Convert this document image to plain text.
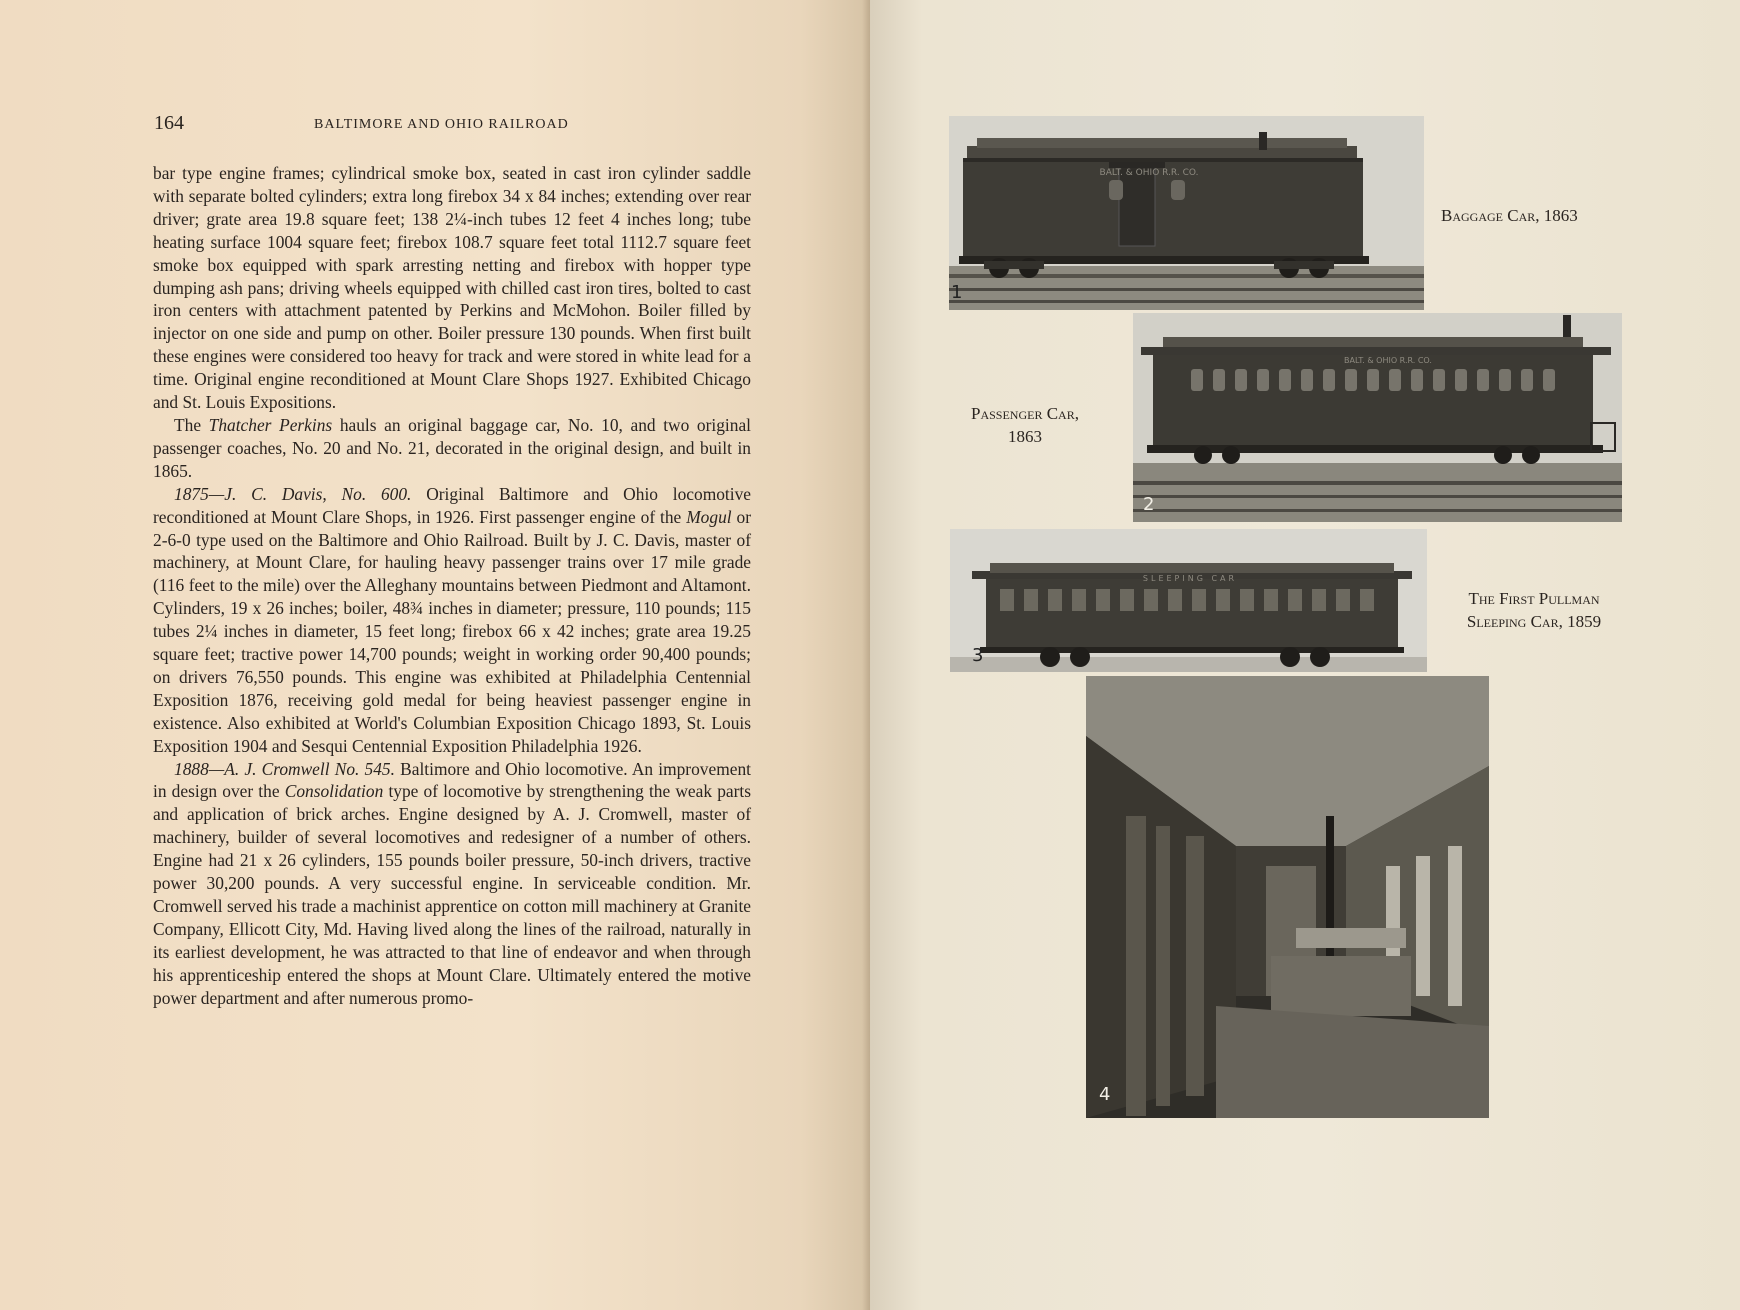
164	BALTIMORE AND OHIO RAILROAD

bar type engine frames; cylindrical smoke box, seated in cast iron cylinder saddle with separate bolted cylinders; extra long firebox 34 x 84 inches; extending over rear driver; grate area 19.8 square feet; 138 2¼-inch tubes 12 feet 4 inches long; tube heating surface 1004 square feet; firebox 108.7 square feet total 1112.7 square feet smoke box equipped with spark arresting netting and firebox with hopper type dumping ash pans; driving wheels equipped with chilled cast iron tires, bolted to cast iron centers with attachment patented by Perkins and McMohon. Boiler filled by injector on one side and pump on other. Boiler pressure 130 pounds. When first built these engines were considered too heavy for track and were stored in white lead for a time. Original engine reconditioned at Mount Clare Shops 1927. Exhibited Chicago and St. Louis Expositions.

The Thatcher Perkins hauls an original baggage car, No. 10, and two original passenger coaches, No. 20 and No. 21, decorated in the original design, and built in 1865.

1875—J. C. Davis, No. 600. Original Baltimore and Ohio locomotive reconditioned at Mount Clare Shops, in 1926. First passenger engine of the Mogul or 2-6-0 type used on the Baltimore and Ohio Railroad. Built by J. C. Davis, master of machinery, at Mount Clare, for hauling heavy passenger trains over 17 mile grade (116 feet to the mile) over the Alleghany mountains between Piedmont and Altamont. Cylinders, 19 x 26 inches; boiler, 48¾ inches in diameter; pressure, 110 pounds; 115 tubes 2¼ inches in diameter, 15 feet long; firebox 66 x 42 inches; grate area 19.25 square feet; tractive power 14,700 pounds; weight in working order 90,400 pounds; on drivers 76,550 pounds. This engine was exhibited at Philadelphia Centennial Exposition 1876, receiving gold medal for being heaviest passenger engine in existence. Also exhibited at World's Columbian Exposition Chicago 1893, St. Louis Exposition 1904 and Sesqui Centennial Exposition Philadelphia 1926.

1888—A. J. Cromwell No. 545. Baltimore and Ohio locomotive. An improvement in design over the Consolidation type of locomotive by strengthening the weak parts and application of brick arches. Engine designed by A. J. Cromwell, master of machinery, builder of several locomotives and redesigner of a number of others. Engine had 21 x 26 cylinders, 155 pounds boiler pressure, 50-inch drivers, tractive power 30,200 pounds. A very successful engine. In serviceable condition. Mr. Cromwell served his trade a machinist apprentice on cotton mill machinery at Granite Company, Ellicott City, Md. Having lived along the lines of the railroad, naturally in its earliest development, he was attracted to that line of endeavor and when through his apprenticeship entered the shops at Mount Clare. Ultimately entered the motive power department and after numerous promo-

BALT. & OHIO R.R. CO.
1
Baggage Car, 1863
BALT. & OHIO R.R. CO.
2
Passenger Car,
1863
SLEEPING CAR
3
The First Pullman
Sleeping Car, 1859
4
